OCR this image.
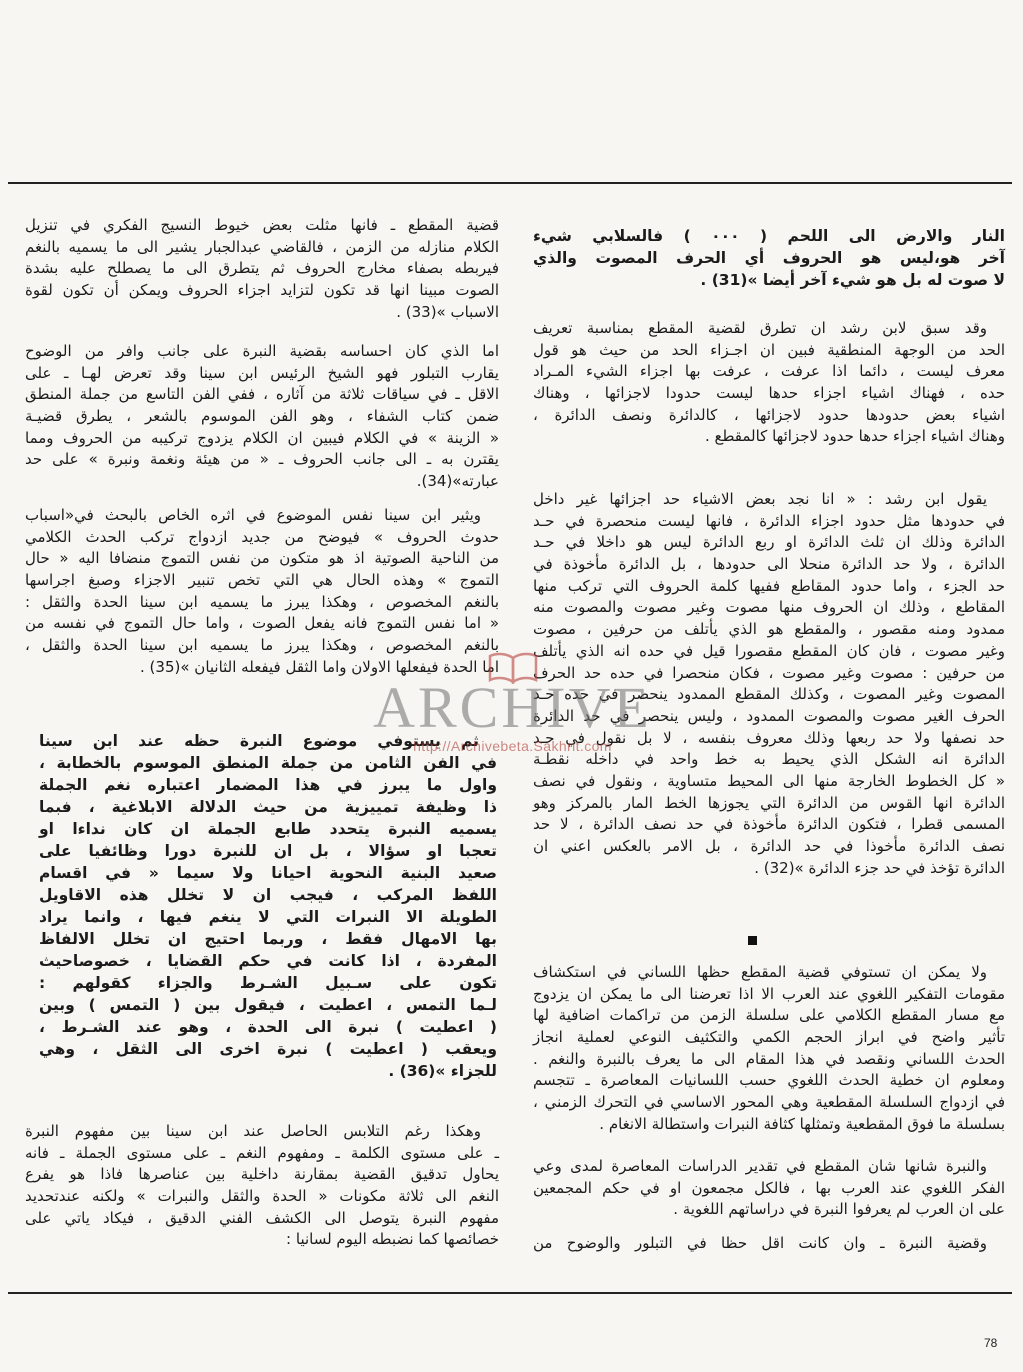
النار والارض الى اللحم ( ٠٠٠ ) فالسلابي شيء
آخر هو،ليس هو الحروف أي الحرف المصوت والذي
لا صوت له بل هو شيء آخر أيضا »(31) .
وقد سبق لابن رشد ان تطرق لقضية المقطع بمناسبة تعريف
الحد من الوجهة المنطقية فبين ان اجـزاء الحد من حيث هو قول
معرف ليست ، دائما اذا عرفت ، عرفت بها اجزاء الشيء المـراد
حده ، فهناك اشياء اجزاء حدها ليست حدودا لاجزائها ، وهناك
اشياء بعض حدودها حدود لاجزائها ، كالدائرة ونصف الدائرة ،
وهناك اشياء اجزاء حدها حدود لاجزائها كالمقطع .
يقول ابن رشد : « انا نجد بعض الاشياء حد اجزائها غير داخل
في حدودها مثل حدود اجزاء الدائرة ، فانها ليست منحصرة في حـد
الدائرة وذلك ان ثلث الدائرة او ربع الدائرة ليس هو داخلا في حـد
الدائرة ، ولا حد الدائرة منحلا الى حدودها ، بل الدائرة مأخوذة في
حد الجزء ، واما حدود المقاطع ففيها كلمة الحروف التي تركب منها
المقاطع ، وذلك ان الحروف منها مصوت وغير مصوت والمصوت منه
ممدود ومنه مقصور ، والمقطع هو الذي يأتلف من حرفين ، مصوت
وغير مصوت ، فان كان المقطع مقصورا قيل في حده انه الذي يأتلف
من حرفين : مصوت وغير مصوت ، فكان منحصرا في حده حد الحرف
المصوت وغير المصوت ، وكذلك المقطع الممدود ينحصر في حده حـد
الحرف الغير مصوت والمصوت الممدود ، وليس ينحصر في حد الدائرة
حد نصفها ولا حد ربعها وذلك معروف بنفسه ، لا بل نقول في حـد
الدائرة انه الشكل الذي يحيط به خط واحد في داخله نقطـة
« كل الخطوط الخارجة منها الى المحيط متساوية ، ونقول في نصف
الدائرة انها القوس من الدائرة التي يجوزها الخط المار بالمركز وهو
المسمى قطرا ، فتكون الدائرة مأخوذة في حد نصف الدائرة ، لا حد
نصف الدائرة مأخوذا في حد الدائرة ، بل الامر بالعكس اعني ان
الدائرة تؤخذ في حد جزء الدائرة »(32) .
ولا يمكن ان تستوفي قضية المقطع حظها اللساني في استكشاف
مقومات التفكير اللغوي عند العرب الا اذا تعرضنا الى ما يمكن ان يزدوج
مع مسار المقطع الكلامي على سلسلة الزمن من تراكمات اضافية لها
تأثير واضح في ابراز الحجم الكمي والتكثيف النوعي لعملية انجاز
الحدث اللساني ونقصد في هذا المقام الى ما يعرف بالنبرة والنغم .
ومعلوم ان خطية الحدث اللغوي حسب اللسانيات المعاصرة ـ تتجسم
في ازدواج السلسلة المقطعية وهي المحور الاساسي في التحرك الزمني ،
بسلسلة ما فوق المقطعية وتمثلها كثافة النبرات واستطالة الانغام .
والنبرة شانها شان المقطع في تقدير الدراسات المعاصرة لمدى وعي
الفكر اللغوي عند العرب بها ، فالكل مجمعون او في حكم المجمعين
على ان العرب لم يعرفوا النبرة في دراساتهم اللغوية .
وقضية النبرة ـ وان كانت اقل حظا في التبلور والوضوح من
قضية المقطع ـ فانها مثلت بعض خيوط النسيج الفكري في تنزيل
الكلام منازله من الزمن ، فالقاضي عبدالجبار يشير الى ما يسميه بالنغم
فيربطه بصفاء مخارج الحروف ثم يتطرق الى ما يصطلح عليه بشدة
الصوت مبينا انها قد تكون لتزايد اجزاء الحروف ويمكن أن تكون لقوة
الاسباب »(33) .
اما الذي كان احساسه بقضية النبرة على جانب وافر من الوضوح
يقارب التبلور فهو الشيخ الرئيس ابن سينا وقد تعرض لهـا ـ على
الاقل ـ في سياقات ثلاثة من آثاره ، ففي الفن التاسع من جملة المنطق
ضمن كتاب الشفاء ، وهو الفن الموسوم بالشعر ، يطرق قضيـة
« الزينة » في الكلام فيبين ان الكلام يزدوج تركيبه من الحروف ومما
يقترن به ـ الى جانب الحروف ـ « من هيئة ونغمة ونبرة » على حد
عبارته»(34).
ويثير ابن سينا نفس الموضوع في اثره الخاص بالبحث في«اسباب
حدوث الحروف » فيوضح من جديد ازدواج تركب الحدث الكلامي
من الناحية الصوتية اذ هو متكون من نفس التموج منضافا اليه « حال
التموج » وهذه الحال هي التي تخص تنبير الاجزاء وصبغ اجراسها
بالنغم المخصوص ، وهكذا يبرز ما يسميه ابن سينا الحدة والثقل :
« اما نفس التموج فانه يفعل الصوت ، واما حال التموج في نفسه من
بالنغم المخصوص ، وهكذا يبرز ما يسميه ابن سينا الحدة والثقل ،
اما الحدة فيفعلها الاولان واما الثقل فيفعله الثانيان »(35) .
ثم يستوفي موضوع النبرة حظه عند ابن سينا
في الفن الثامن من جملة المنطق الموسوم بالخطابة ،
واول ما يبرز في هذا المضمار اعتباره نغم الجملة
ذا وظيفة تمييزية من حيث الدلالة الابلاغية ، فبما
يسميه النبرة يتحدد طابع الجملة ان كان نداءا او
تعجبا او سؤالا ، بل ان للنبرة دورا وظائفيا على
صعيد البنية النحوية احيانا ولا سيما « في اقسام
اللفظ المركب ، فيجب ان لا تخلل هذه الاقاويل
الطويلة الا النبرات التي لا ينغم فيها ، وانما يراد
بها الامهال فقط ، وربما احتيج ان تخلل الالفاظ
المفردة ، اذا كانت في حكم القضايا ، خصوصاحيث
تكون على سـبيل الشـرط والجزاء كقولهم :
لـما التمس ، اعطيت ، فيقول بين ( التمس ) وبين
( اعطيت ) نبرة الى الحدة ، وهو عند الشـرط ،
ويعقب ( اعطيت ) نبرة اخرى الى الثقل ، وهي
للجزاء »(36) .
وهكذا رغم التلابس الحاصل عند ابن سينا بين مفهوم النبرة
ـ على مستوى الكلمة ـ ومفهوم النغم ـ على مستوى الجملة ـ فانه
يحاول تدقيق القضية بمقارنة داخلية بين عناصرها فاذا هو يفرع
النغم الى ثلاثة مكونات « الحدة والثقل والنبرات » ولكنه عندتحديد
مفهوم النبرة يتوصل الى الكشف الفني الدقيق ، فيكاد ياتي على
خصائصها كما نضبطه اليوم لسانيا :
ARCHIVE
http://Archivebeta.Sakhrit.com
78
